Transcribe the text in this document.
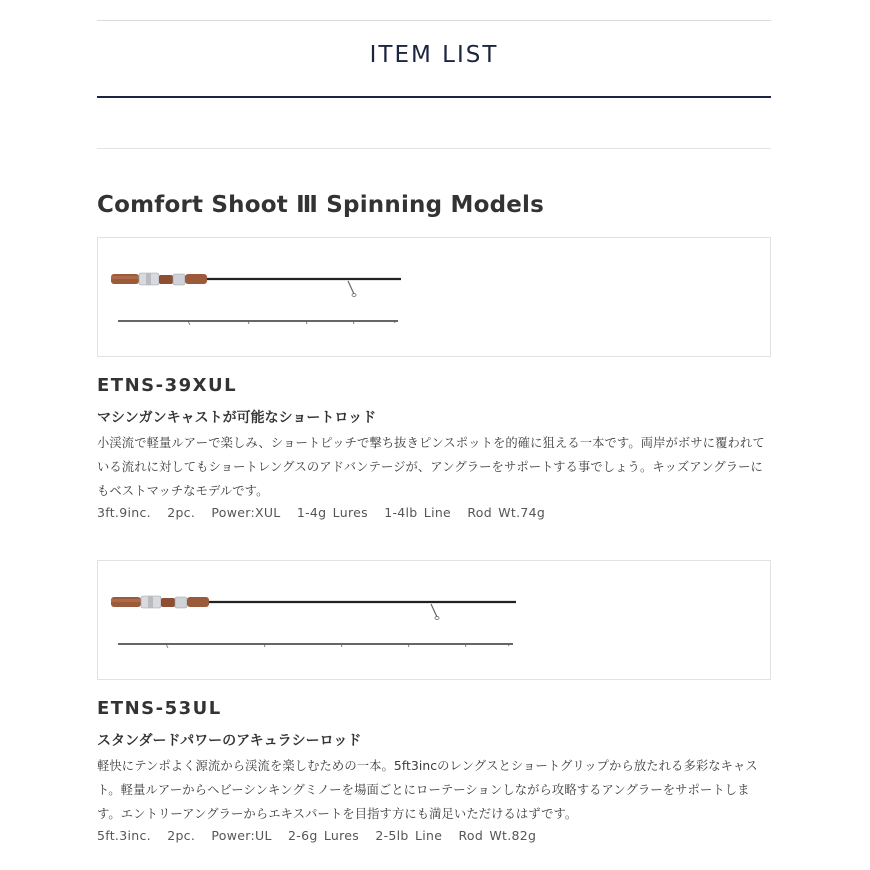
ITEM LIST
Comfort Shoot Ⅲ Spinning Models
ETNS-39XUL
マシンガンキャストが可能なショートロッド
小渓流で軽量ルアーで楽しみ、ショートピッチで撃ち抜きピンスポットを的確に狙える一本です。両岸がボサに覆われている流れに対してもショートレングスのアドバンテージが、アングラーをサポートする事でしょう。キッズアングラーにもベストマッチなモデルです。
3ft.9inc. 2pc. Power:XUL 1-4g Lures 1-4lb Line Rod Wt.74g
ETNS-53UL
スタンダードパワーのアキュラシーロッド
軽快にテンポよく源流から渓流を楽しむための一本。5ft3incのレングスとショートグリップから放たれる多彩なキャスト。軽量ルアーからヘビーシンキングミノーを場面ごとにローテーションしながら攻略するアングラーをサポートします。エントリーアングラーからエキスパートを目指す方にも満足いただけるはずです。
5ft.3inc. 2pc. Power:UL 2-6g Lures 2-5lb Line Rod Wt.82g
